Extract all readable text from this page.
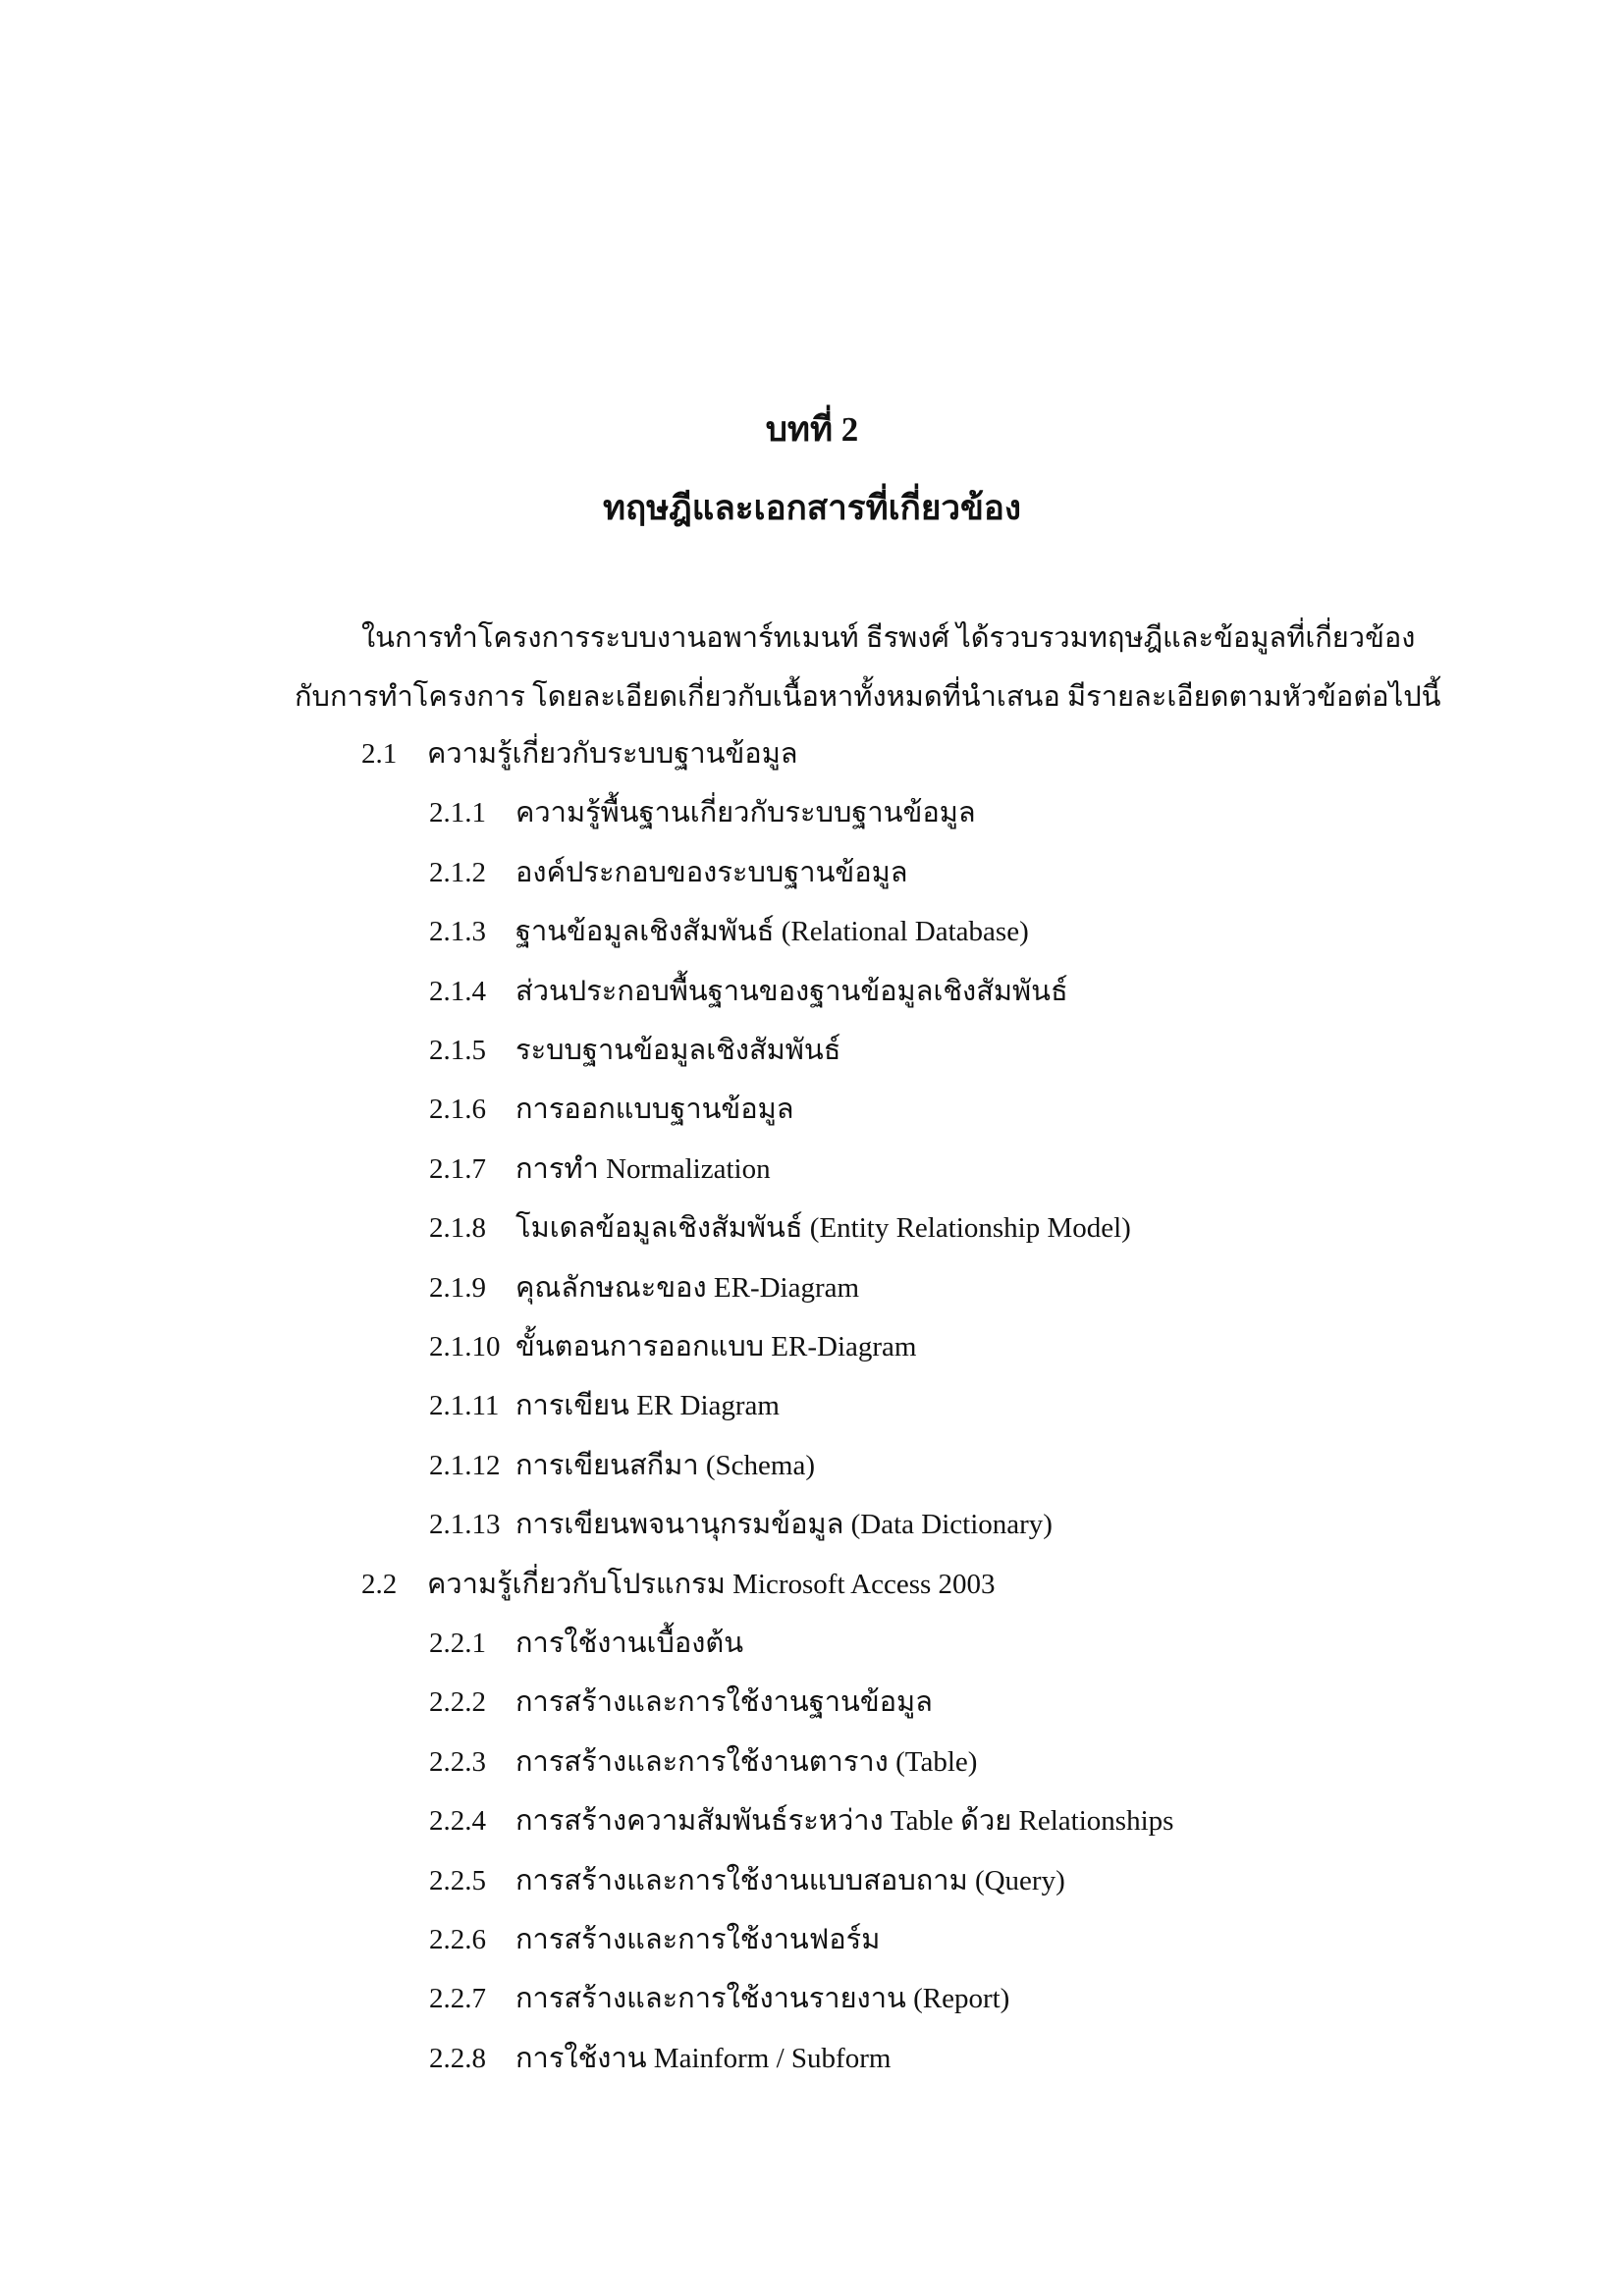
บทที่ 2
ทฤษฎีและเอกสารที่เกี่ยวข้อง
ในการทำโครงการระบบงานอพาร์ทเมนท์ ธีรพงศ์ ได้รวบรวมทฤษฎีและข้อมูลที่เกี่ยวข้อง
กับการทำโครงการ โดยละเอียดเกี่ยวกับเนื้อหาทั้งหมดที่นำเสนอ มีรายละเอียดตามหัวข้อต่อไปนี้
2.1 ความรู้เกี่ยวกับระบบฐานข้อมูล
2.1.1 ความรู้พื้นฐานเกี่ยวกับระบบฐานข้อมูล
2.1.2 องค์ประกอบของระบบฐานข้อมูล
2.1.3 ฐานข้อมูลเชิงสัมพันธ์ (Relational Database)
2.1.4 ส่วนประกอบพื้นฐานของฐานข้อมูลเชิงสัมพันธ์
2.1.5 ระบบฐานข้อมูลเชิงสัมพันธ์
2.1.6 การออกแบบฐานข้อมูล
2.1.7 การทำ Normalization
2.1.8 โมเดลข้อมูลเชิงสัมพันธ์ (Entity Relationship Model)
2.1.9 คุณลักษณะของ ER-Diagram
2.1.10 ขั้นตอนการออกแบบ ER-Diagram
2.1.11 การเขียน ER Diagram
2.1.12 การเขียนสกีมา (Schema)
2.1.13 การเขียนพจนานุกรมข้อมูล (Data Dictionary)
2.2 ความรู้เกี่ยวกับโปรแกรม Microsoft Access 2003
2.2.1 การใช้งานเบื้องต้น
2.2.2 การสร้างและการใช้งานฐานข้อมูล
2.2.3 การสร้างและการใช้งานตาราง (Table)
2.2.4 การสร้างความสัมพันธ์ระหว่าง Table ด้วย Relationships
2.2.5 การสร้างและการใช้งานแบบสอบถาม (Query)
2.2.6 การสร้างและการใช้งานฟอร์ม
2.2.7 การสร้างและการใช้งานรายงาน (Report)
2.2.8 การใช้งาน Mainform / Subform
